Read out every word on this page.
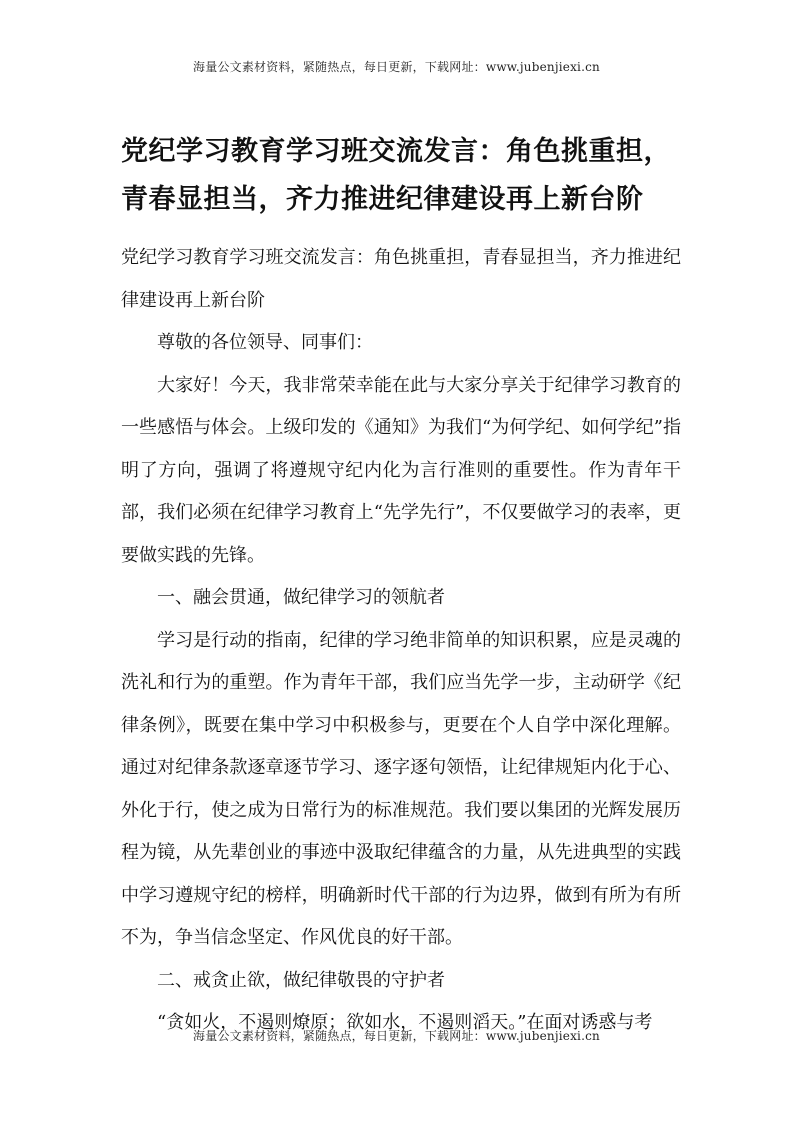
海量公文素材资料，紧随热点，每日更新，下载网址：www.jubenjiexi.cn
党纪学习教育学习班交流发言：角色挑重担，青春显担当，齐力推进纪律建设再上新台阶

党纪学习教育学习班交流发言：角色挑重担，青春显担当，齐力推进纪律建设再上新台阶

尊敬的各位领导、同事们：

大家好！今天，我非常荣幸能在此与大家分享关于纪律学习教育的一些感悟与体会。上级印发的《通知》为我们“为何学纪、如何学纪”指明了方向，强调了将遵规守纪内化为言行准则的重要性。作为青年干部，我们必须在纪律学习教育上“先学先行”，不仅要做学习的表率，更要做实践的先锋。

一、融会贯通，做纪律学习的领航者

学习是行动的指南，纪律的学习绝非简单的知识积累，应是灵魂的洗礼和行为的重塑。作为青年干部，我们应当先学一步，主动研学《纪律条例》，既要在集中学习中积极参与，更要在个人自学中深化理解。通过对纪律条款逐章逐节学习、逐字逐句领悟，让纪律规矩内化于心、外化于行，使之成为日常行为的标准规范。我们要以集团的光辉发展历程为镜，从先辈创业的事迹中汲取纪律蕴含的力量，从先进典型的实践中学习遵规守纪的榜样，明确新时代干部的行为边界，做到有所为有所不为，争当信念坚定、作风优良的好干部。

二、戒贪止欲，做纪律敬畏的守护者

“贪如火，不遏则燎原；欲如水，不遏则滔天。”在面对诱惑与考

海量公文素材资料，紧随热点，每日更新，下载网址：www.jubenjiexi.cn
